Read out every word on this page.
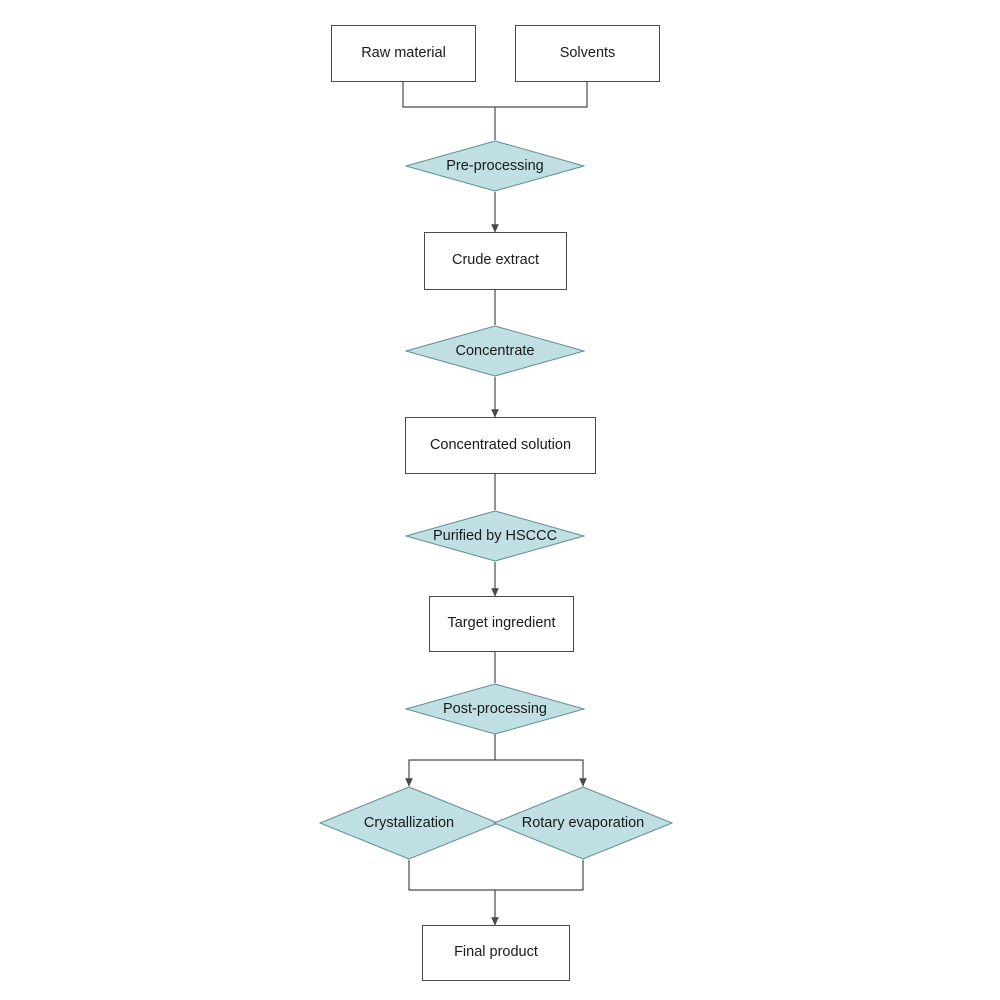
Raw material	Solvents
Pre-processing
Crude extract
Concentrate
Concentrated solution
Purified by HSCCC
Target ingredient
Post-processing
Crystallization	Rotary evaporation
Final product
